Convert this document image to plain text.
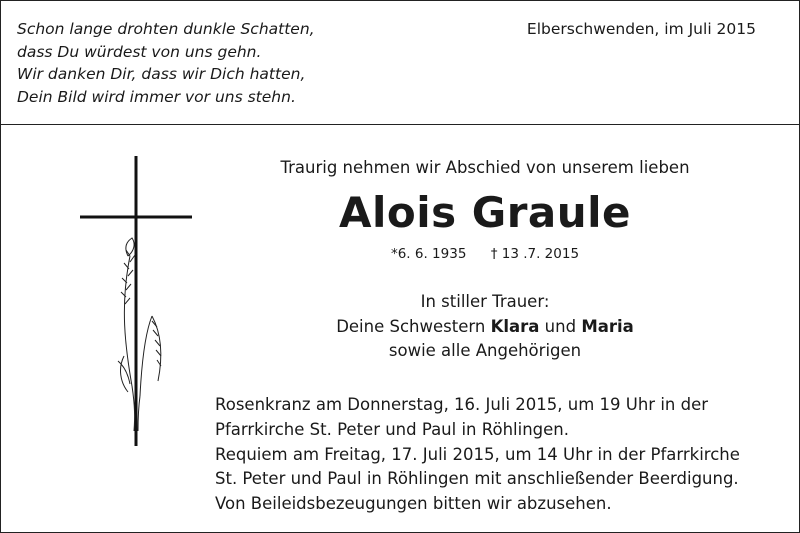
Schon lange drohten dunkle Schatten,
dass Du würdest von uns gehn.
Wir danken Dir, dass wir Dich hatten,
Dein Bild wird immer vor uns stehn.
Elberschwenden, im Juli 2015
Traurig nehmen wir Abschied von unserem lieben
Alois Graule
*6. 6. 1935 † 13 .7. 2015
In stiller Trauer:
Deine Schwestern Klara und Maria
sowie alle Angehörigen
Rosenkranz am Donnerstag, 16. Juli 2015, um 19 Uhr in der
Pfarrkirche St. Peter und Paul in Röhlingen.
Requiem am Freitag, 17. Juli 2015, um 14 Uhr in der Pfarrkirche
St. Peter und Paul in Röhlingen mit anschließender Beerdigung.
Von Beileidsbezeugungen bitten wir abzusehen.
